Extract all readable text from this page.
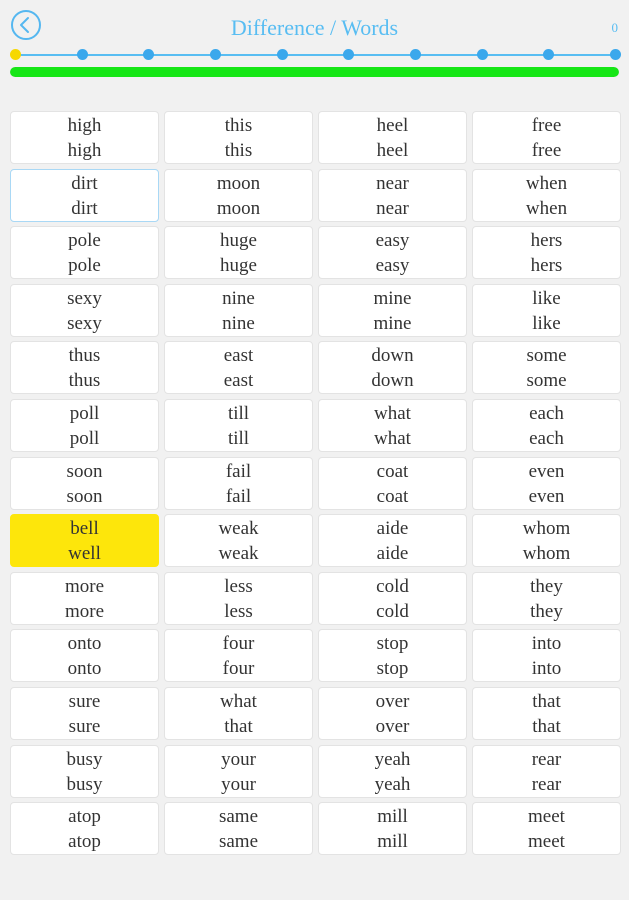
Difference / Words	0
high
high
this
this
heel
heel
free
free
dirt
dirt
moon
moon
near
near
when
when
pole
pole
huge
huge
easy
easy
hers
hers
sexy
sexy
nine
nine
mine
mine
like
like
thus
thus
east
east
down
down
some
some
poll
poll
till
till
what
what
each
each
soon
soon
fail
fail
coat
coat
even
even
bell
well
weak
weak
aide
aide
whom
whom
more
more
less
less
cold
cold
they
they
onto
onto
four
four
stop
stop
into
into
sure
sure
what
that
over
over
that
that
busy
busy
your
your
yeah
yeah
rear
rear
atop
atop
same
same
mill
mill
meet
meet
